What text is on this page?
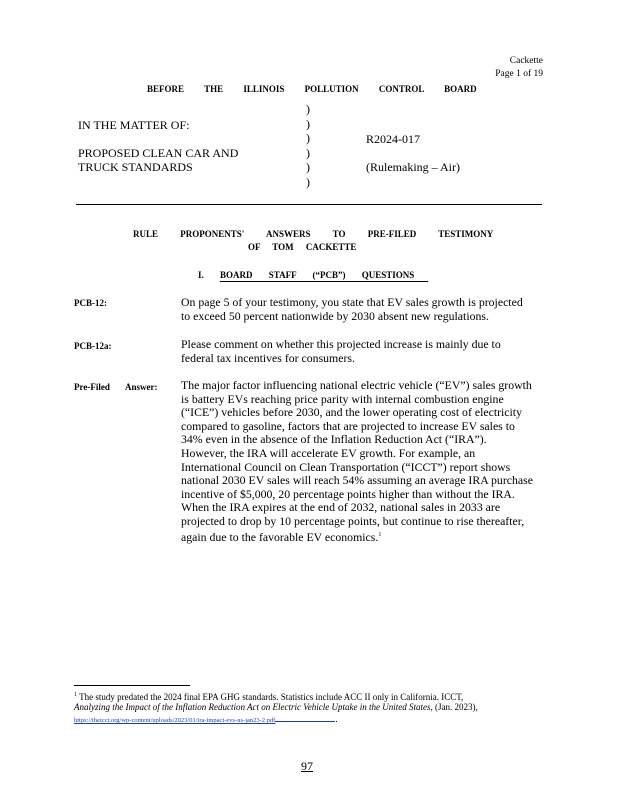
Cackette
Page 1 of 19
BEFORE THE ILLINOIS POLLUTION CONTROL BOARD
IN THE MATTER OF:
PROPOSED CLEAN CAR AND
TRUCK STANDARDS
)
)
)
)
)
)
R2024-017
(Rulemaking – Air)
RULE PROPONENTS' ANSWERS TO PRE-FILED TESTIMONY
OF TOM CACKETTE
I. BOARD STAFF (“PCB”) QUESTIONS
PCB-12:	On page 5 of your testimony, you state that EV sales growth is projected
to exceed 50 percent nationwide by 2030 absent new regulations.
PCB-12a:	Please comment on whether this projected increase is mainly due to
federal tax incentives for consumers.
Pre-Filed Answer: The major factor influencing national electric vehicle (“EV”) sales growth
is battery EVs reaching price parity with internal combustion engine
(“ICE”) vehicles before 2030, and the lower operating cost of electricity
compared to gasoline, factors that are projected to increase EV sales to
34% even in the absence of the Inflation Reduction Act (“IRA”).
However, the IRA will accelerate EV growth. For example, an
International Council on Clean Transportation (“ICCT”) report shows
national 2030 EV sales will reach 54% assuming an average IRA purchase
incentive of $5,000, 20 percentage points higher than without the IRA.
When the IRA expires at the end of 2032, national sales in 2033 are
projected to drop by 10 percentage points, but continue to rise thereafter,
again due to the favorable EV economics.$^1$
$^1$ The study predated the 2024 final EPA GHG standards. Statistics include ACC II only in California. ICCT,
Analyzing the Impact of the Inflation Reduction Act on Electric Vehicle Uptake in the United States, (Jan. 2023),
https://theicct.org/wp-content/uploads/2023/01/ira-impact-evs-us-jan23-2.pdf	.
97
